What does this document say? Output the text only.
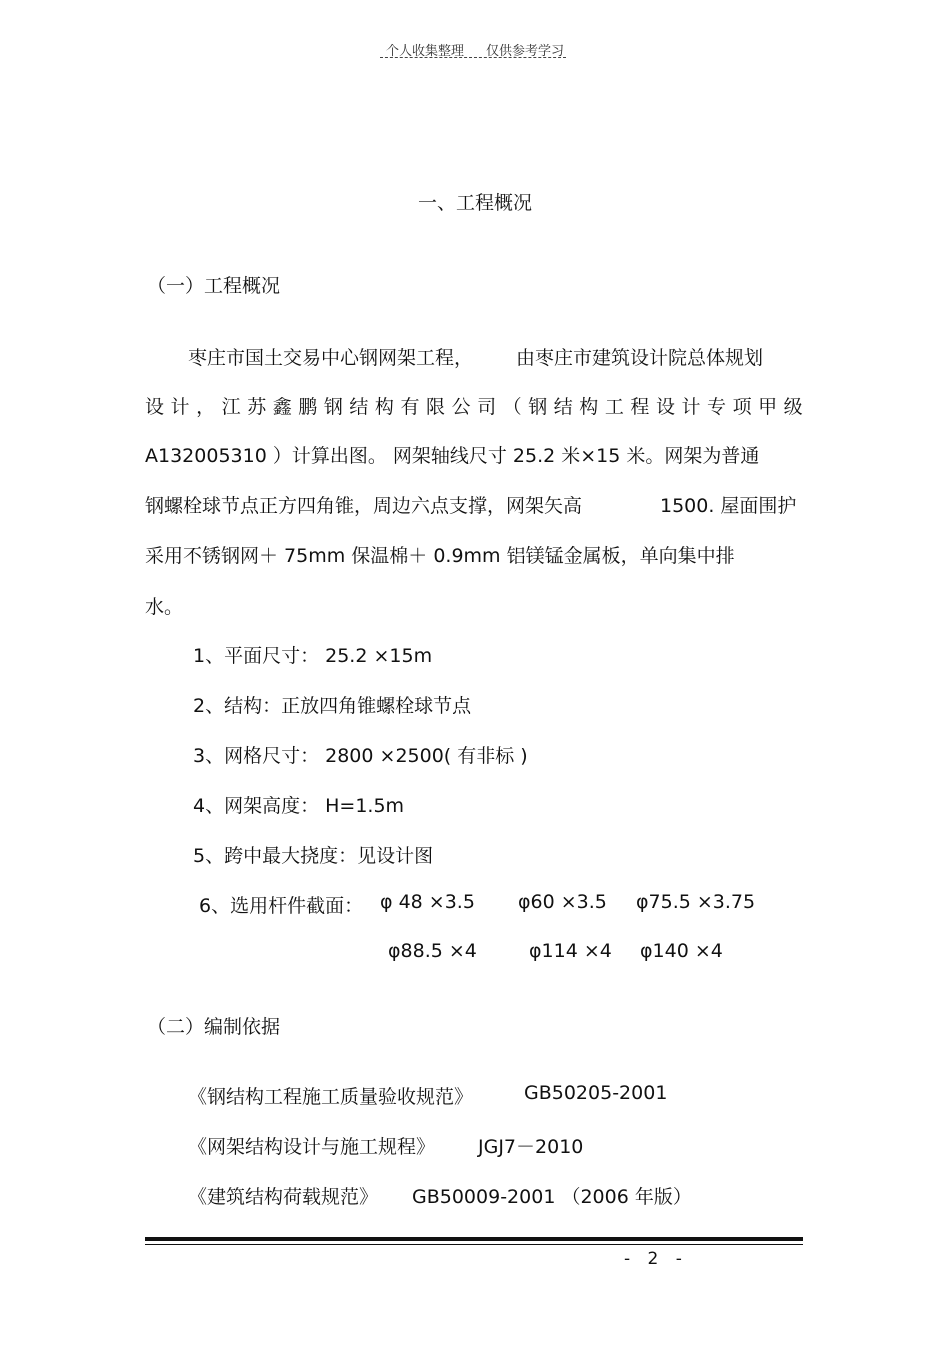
个人收集整理 仅供参考学习
一、工程概况
（一）工程概况
枣庄市国土交易中心钢网架工程， 由枣庄市建筑设计院总体规划
设 计 ， 江 苏 鑫 鹏 钢 结 构 有 限 公 司 （ 钢 结 构 工 程 设 计 专 项 甲 级
A132005310 ）计算出图。 网架轴线尺寸 25.2 米×15 米。网架为普通
钢螺栓球节点正方四角锥，周边六点支撑，网架矢高	1500. 屋面围护
采用不锈钢网＋ 75mm 保温棉＋ 0.9mm 铝镁锰金属板，单向集中排
水。
1、平面尺寸： 25.2 ×15m
2、结构：正放四角锥螺栓球节点
3、网格尺寸： 2800 ×2500( 有非标 )
4、网架高度： H=1.5m
5、跨中最大挠度：见设计图
6、选用杆件截面： φ 48 ×3.5 φ60 ×3.5 φ75.5 ×3.75
φ88.5 ×4	φ114 ×4 φ140 ×4
（二）编制依据
《钢结构工程施工质量验收规范》	GB50205-2001
《网架结构设计与施工规程》 JGJ7－2010
《建筑结构荷载规范》 GB50009-2001 （2006 年版）
- 2 -
